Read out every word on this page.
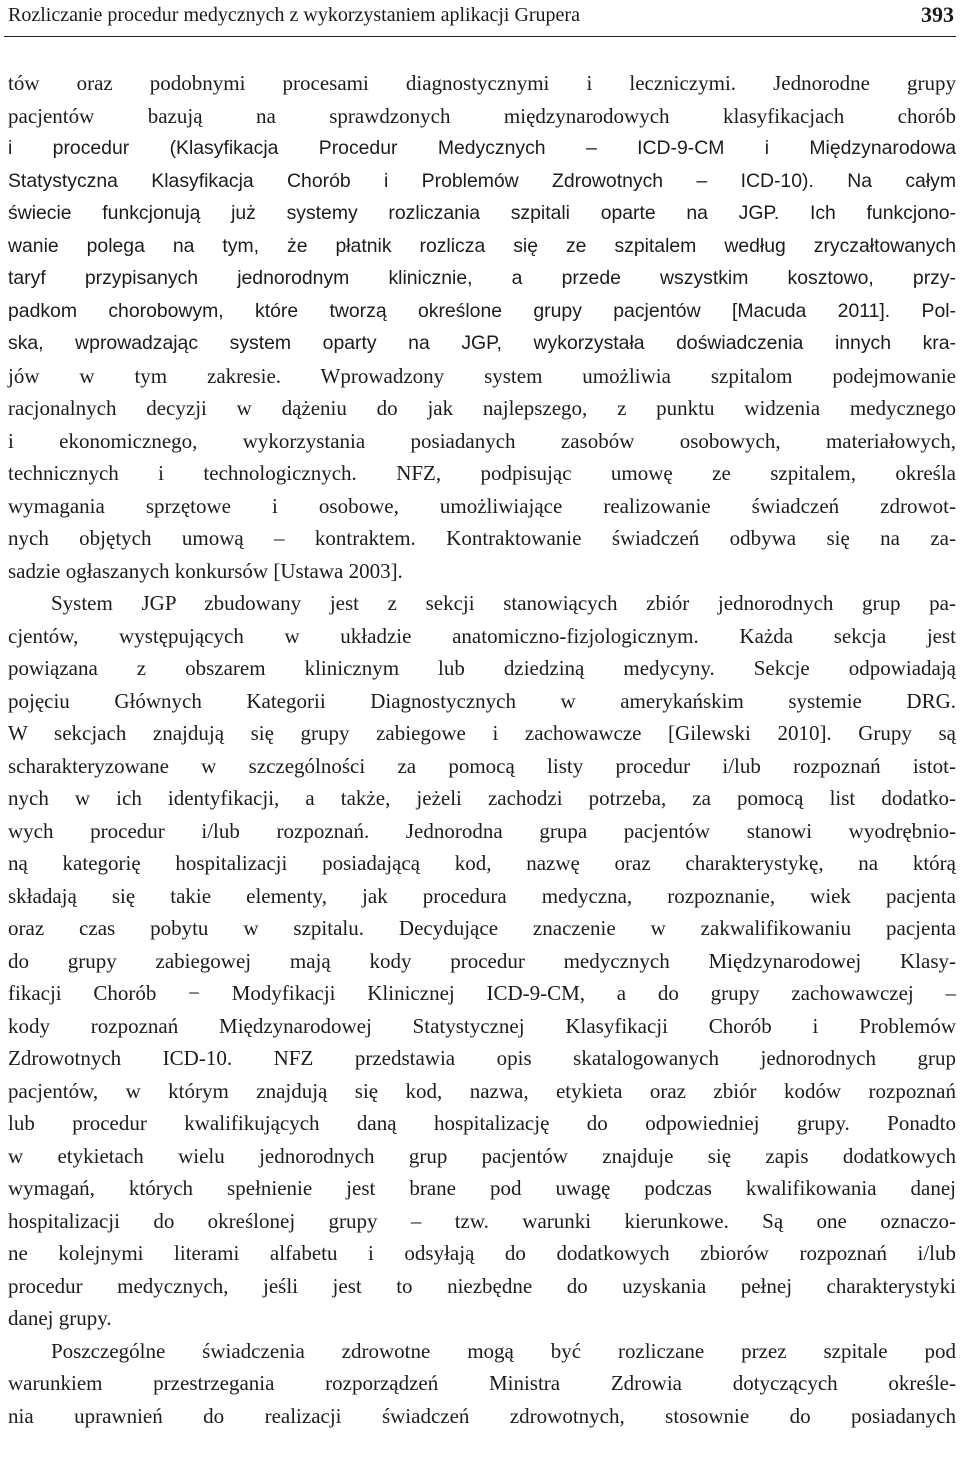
Rozliczanie procedur medycznych z wykorzystaniem aplikacji Grupera	393
tów oraz podobnymi procesami diagnostycznymi i leczniczymi. Jednorodne grupy
pacjentów bazują na sprawdzonych międzynarodowych klasyfikacjach chorób
i procedur (Klasyfikacja Procedur Medycznych – ICD-9-CM i Międzynarodowa
Statystyczna Klasyfikacja Chorób i Problemów Zdrowotnych – ICD-10). Na całym
świecie funkcjonują już systemy rozliczania szpitali oparte na JGP. Ich funkcjono-
wanie polega na tym, że płatnik rozlicza się ze szpitalem według zryczałtowanych
taryf przypisanych jednorodnym klinicznie, a przede wszystkim kosztowo, przy-
padkom chorobowym, które tworzą określone grupy pacjentów [Macuda 2011]. Pol-
ska, wprowadzając system oparty na JGP, wykorzystała doświadczenia innych kra-
jów w tym zakresie. Wprowadzony system umożliwia szpitalom podejmowanie
racjonalnych decyzji w dążeniu do jak najlepszego, z punktu widzenia medycznego
i ekonomicznego, wykorzystania posiadanych zasobów osobowych, materiałowych,
technicznych i technologicznych. NFZ, podpisując umowę ze szpitalem, określa
wymagania sprzętowe i osobowe, umożliwiające realizowanie świadczeń zdrowot-
nych objętych umową – kontraktem. Kontraktowanie świadczeń odbywa się na za-
sadzie ogłaszanych konkursów [Ustawa 2003].
System JGP zbudowany jest z sekcji stanowiących zbiór jednorodnych grup pa-
cjentów, występujących w układzie anatomiczno-fizjologicznym. Każda sekcja jest
powiązana z obszarem klinicznym lub dziedziną medycyny. Sekcje odpowiadają
pojęciu Głównych Kategorii Diagnostycznych w amerykańskim systemie DRG.
W sekcjach znajdują się grupy zabiegowe i zachowawcze [Gilewski 2010]. Grupy są
scharakteryzowane w szczególności za pomocą listy procedur i/lub rozpoznań istot-
nych w ich identyfikacji, a także, jeżeli zachodzi potrzeba, za pomocą list dodatko-
wych procedur i/lub rozpoznań. Jednorodna grupa pacjentów stanowi wyodrębnio-
ną kategorię hospitalizacji posiadającą kod, nazwę oraz charakterystykę, na którą
składają się takie elementy, jak procedura medyczna, rozpoznanie, wiek pacjenta
oraz czas pobytu w szpitalu. Decydujące znaczenie w zakwalifikowaniu pacjenta
do grupy zabiegowej mają kody procedur medycznych Międzynarodowej Klasy-
fikacji Chorób − Modyfikacji Klinicznej ICD-9-CM, a do grupy zachowawczej –
kody rozpoznań Międzynarodowej Statystycznej Klasyfikacji Chorób i Problemów
Zdrowotnych ICD-10. NFZ przedstawia opis skatalogowanych jednorodnych grup
pacjentów, w którym znajdują się kod, nazwa, etykieta oraz zbiór kodów rozpoznań
lub procedur kwalifikujących daną hospitalizację do odpowiedniej grupy. Ponadto
w etykietach wielu jednorodnych grup pacjentów znajduje się zapis dodatkowych
wymagań, których spełnienie jest brane pod uwagę podczas kwalifikowania danej
hospitalizacji do określonej grupy – tzw. warunki kierunkowe. Są one oznaczo-
ne kolejnymi literami alfabetu i odsyłają do dodatkowych zbiorów rozpoznań i/lub
procedur medycznych, jeśli jest to niezbędne do uzyskania pełnej charakterystyki
danej grupy.
Poszczególne świadczenia zdrowotne mogą być rozliczane przez szpitale pod
warunkiem przestrzegania rozporządzeń Ministra Zdrowia dotyczących określe-
nia uprawnień do realizacji świadczeń zdrowotnych, stosownie do posiadanych
